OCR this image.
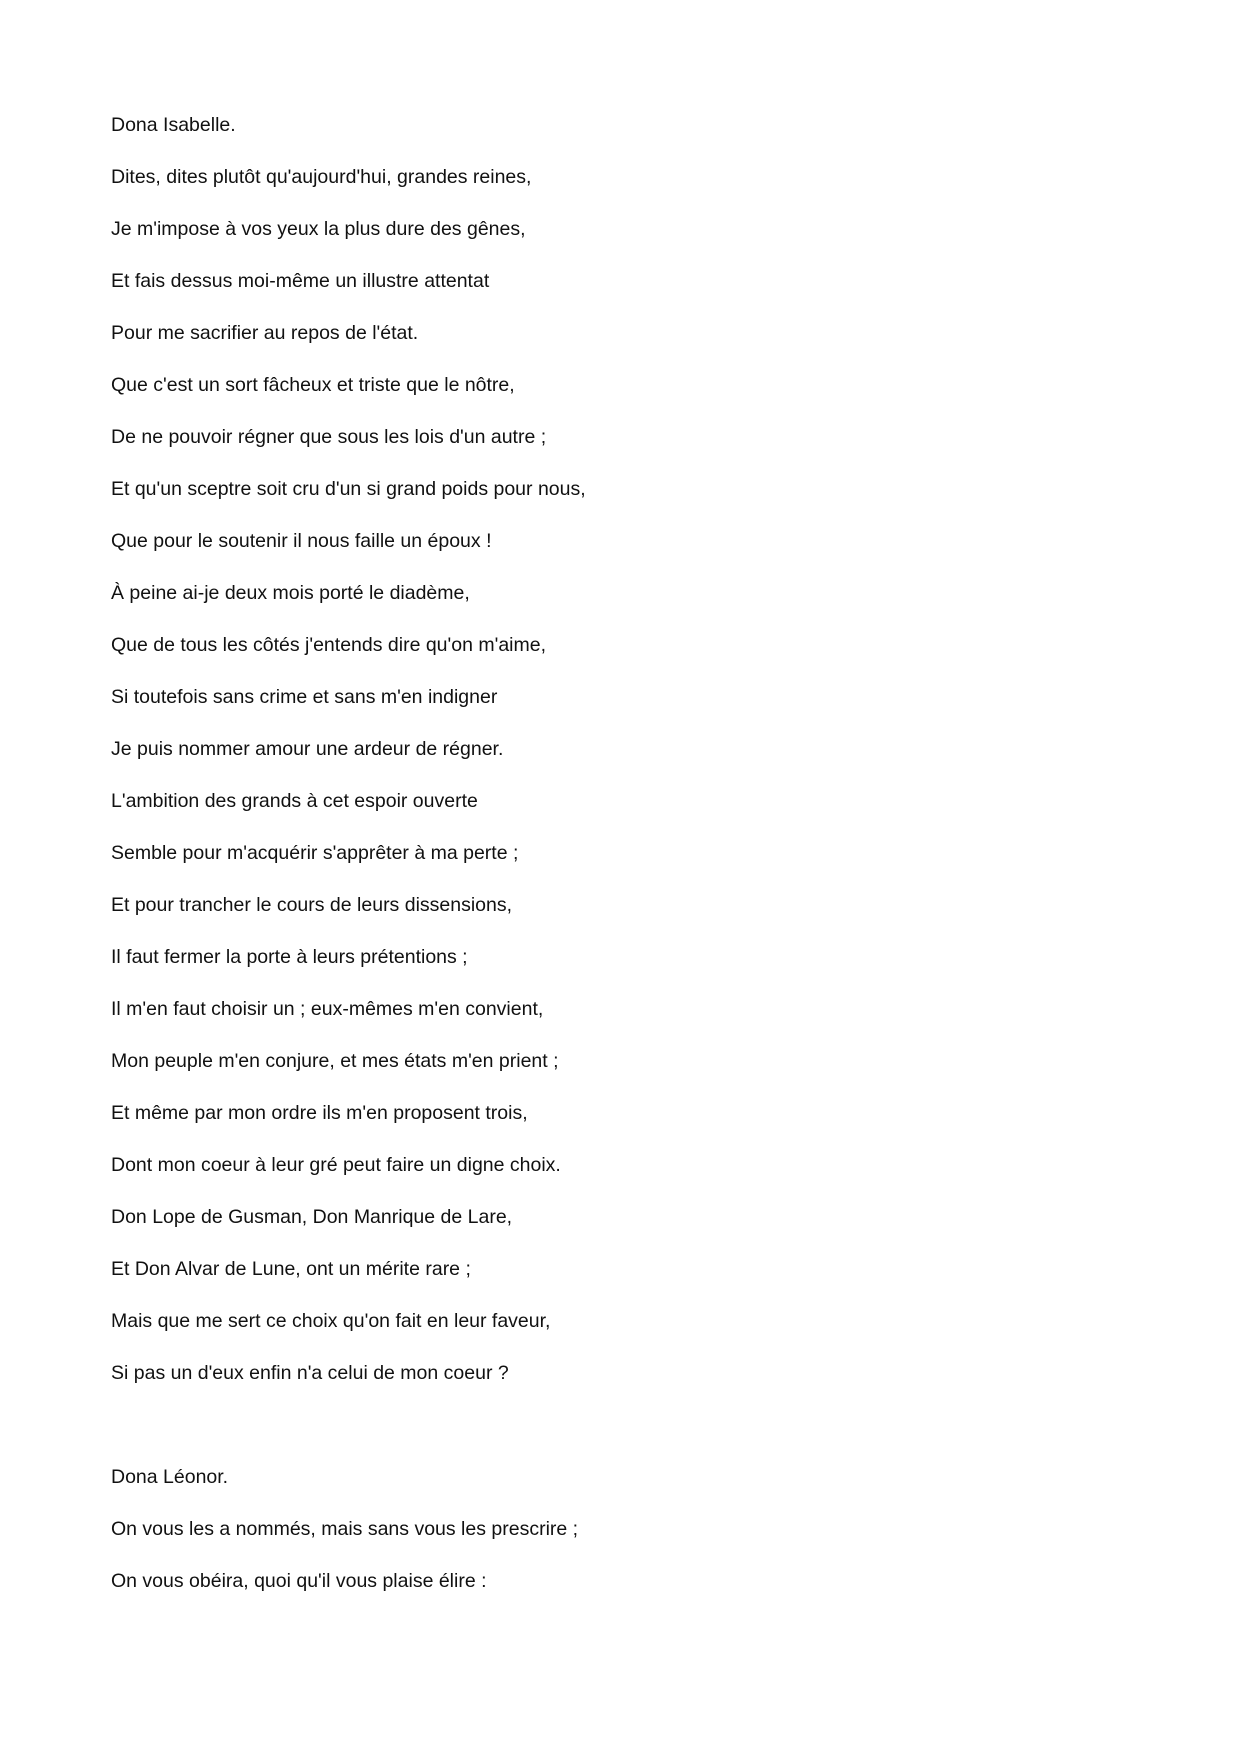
Dona Isabelle.

Dites, dites plutôt qu'aujourd'hui, grandes reines,

Je m'impose à vos yeux la plus dure des gênes,

Et fais dessus moi-même un illustre attentat

Pour me sacrifier au repos de l'état.

Que c'est un sort fâcheux et triste que le nôtre,

De ne pouvoir régner que sous les lois d'un autre ;

Et qu'un sceptre soit cru d'un si grand poids pour nous,

Que pour le soutenir il nous faille un époux !

À peine ai-je deux mois porté le diadème,

Que de tous les côtés j'entends dire qu'on m'aime,

Si toutefois sans crime et sans m'en indigner

Je puis nommer amour une ardeur de régner.

L'ambition des grands à cet espoir ouverte

Semble pour m'acquérir s'apprêter à ma perte ;

Et pour trancher le cours de leurs dissensions,

Il faut fermer la porte à leurs prétentions ;

Il m'en faut choisir un ; eux-mêmes m'en convient,

Mon peuple m'en conjure, et mes états m'en prient ;

Et même par mon ordre ils m'en proposent trois,

Dont mon coeur à leur gré peut faire un digne choix.

Don Lope de Gusman, Don Manrique de Lare,

Et Don Alvar de Lune, ont un mérite rare ;

Mais que me sert ce choix qu'on fait en leur faveur,

Si pas un d'eux enfin n'a celui de mon coeur ?

Dona Léonor.

On vous les a nommés, mais sans vous les prescrire ;

On vous obéira, quoi qu'il vous plaise élire :
